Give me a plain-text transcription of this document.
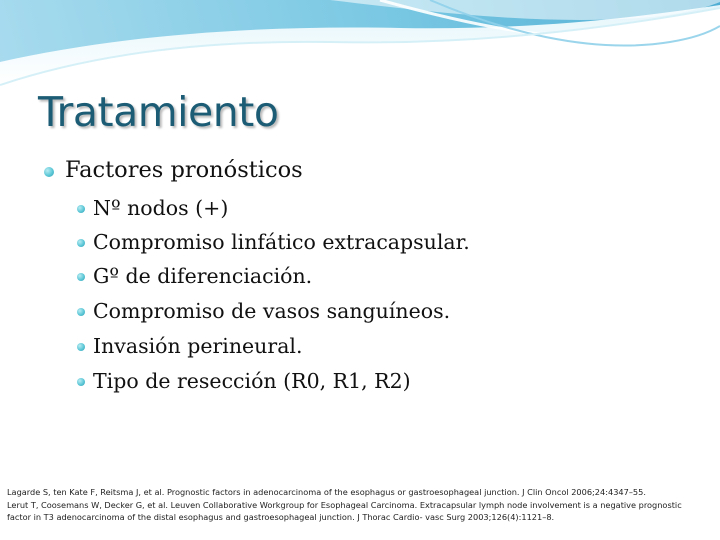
Tratamiento
Factores pronósticos
Nº nodos (+)
Compromiso linfático extracapsular.
Gº de diferenciación.
Compromiso de vasos sanguíneos.
Invasión perineural.
Tipo de resección (R0, R1, R2)
Lagarde S, ten Kate F, Reitsma J, et al. Prognostic factors in adenocarcinoma of the esophagus or gastroesophageal junction. J Clin Oncol 2006;24:4347–55.
Lerut T, Coosemans W, Decker G, et al. Leuven Collaborative Workgroup for Esophageal Carcinoma. Extracapsular lymph node involvement is a negative prognostic factor in T3 adenocarcinoma of the distal esophagus and gastroesophageal junction. J Thorac Cardio- vasc Surg 2003;126(4):1121–8.
